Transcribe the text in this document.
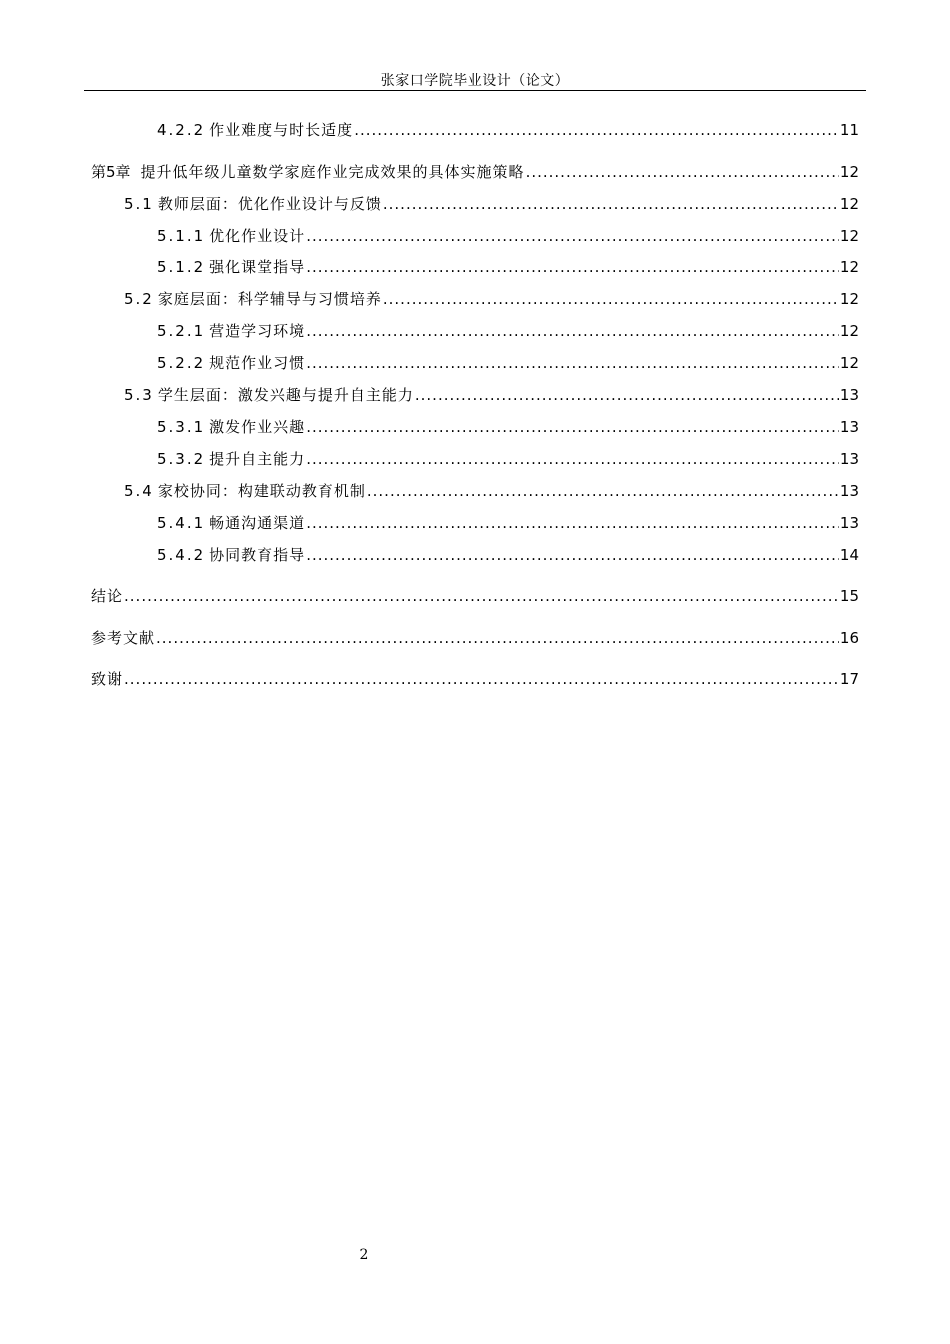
张家口学院毕业设计（论文）
4.2.2 作业难度与时长适度 .....	11
第5章 提升低年级儿童数学家庭作业完成效果的具体实施策略 .....	12
5.1 教师层面：优化作业设计与反馈 .....	12
5.1.1 优化作业设计 .....	12
5.1.2 强化课堂指导 .....	12
5.2 家庭层面：科学辅导与习惯培养 .....	12
5.2.1 营造学习环境 .....	12
5.2.2 规范作业习惯 .....	12
5.3 学生层面：激发兴趣与提升自主能力 .....	13
5.3.1 激发作业兴趣 .....	13
5.3.2 提升自主能力 .....	13
5.4 家校协同：构建联动教育机制 .....	13
5.4.1 畅通沟通渠道 .....	13
5.4.2 协同教育指导 .....	14
结论 .....	15
参考文献 .....	16
致谢 .....	17
2
